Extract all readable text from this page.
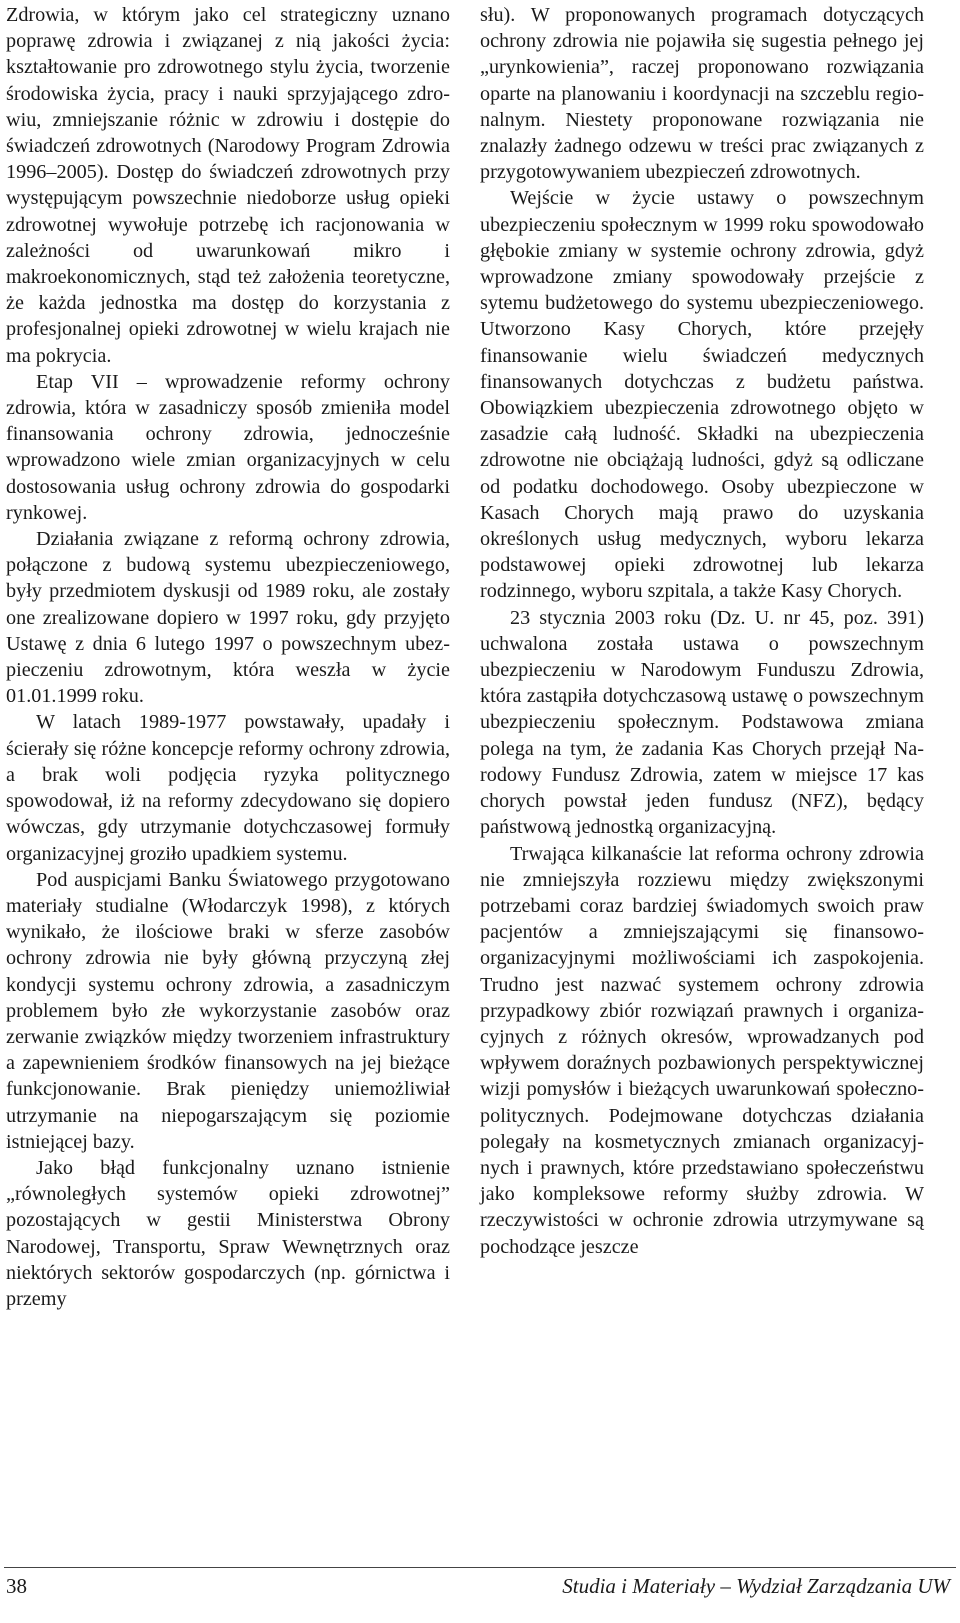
Zdrowia, w którym jako cel strategiczny uznano poprawę zdrowia i związanej z nią jakości życia: kształtowanie pro zdrowotnego stylu życia, tworzenie środowiska życia, pracy i nauki sprzyjającego zdrowiu, zmniejszanie różnic w zdrowiu i dostępie do świadczeń zdrowotnych (Narodowy Program Zdrowia 1996–2005). Dostęp do świadczeń zdrowotnych przy występującym powszechnie niedoborze usług opieki zdrowotnej wywołuje potrzebę ich racjonowania w zależności od uwarunkowań mikro i makroekonomicznych, stąd też założenia teoretyczne, że każda jednostka ma dostęp do korzystania z profesjonalnej opieki zdrowotnej w wielu krajach nie ma pokrycia.

Etap VII – wprowadzenie reformy ochrony zdrowia, która w zasadniczy sposób zmieniła model finansowania ochrony zdrowia, jednocześnie wprowadzono wiele zmian organizacyjnych w celu dostosowania usług ochrony zdrowia do gospodarki rynkowej.

Działania związane z reformą ochrony zdrowia, połączone z budową systemu ubezpieczeniowego, były przedmiotem dyskusji od 1989 roku, ale zostały one zrealizowane dopiero w 1997 roku, gdy przyjęto Ustawę z dnia 6 lutego 1997 o powszechnym ubezpieczeniu zdrowotnym, która weszła w życie 01.01.1999 roku.

W latach 1989-1977 powstawały, upadały i ścierały się różne koncepcje reformy ochrony zdrowia, a brak woli podjęcia ryzyka politycznego spowodował, iż na reformy zdecydowano się dopiero wówczas, gdy utrzymanie dotychczasowej formuły organizacyjnej groziło upadkiem systemu.

Pod auspicjami Banku Światowego przygotowano materiały studialne (Włodarczyk 1998), z których wynikało, że ilościowe braki w sferze zasobów ochrony zdrowia nie były główną przyczyną złej kondycji systemu ochrony zdrowia, a zasadniczym problemem było złe wykorzystanie zasobów oraz zerwanie związków między tworzeniem infrastruktury a zapewnieniem środków finansowych na jej bieżące funkcjonowanie. Brak pieniędzy uniemożliwiał utrzymanie na niepogarszającym się poziomie istniejącej bazy.

Jako błąd funkcjonalny uznano istnienie „równoległych systemów opieki zdrowotnej” pozostających w gestii Ministerstwa Obrony Narodowej, Transportu, Spraw Wewnętrznych oraz niektórych sektorów gospodarczych (np. górnictwa i przemy

słu). W proponowanych programach dotyczących ochrony zdrowia nie pojawiła się sugestia pełnego jej „urynkowienia”, raczej proponowano rozwiązania oparte na planowaniu i koordynacji na szczeblu regionalnym. Niestety proponowane rozwiązania nie znalazły żadnego odzewu w treści prac związanych z przygotowywaniem ubezpieczeń zdrowotnych.

Wejście w życie ustawy o powszechnym ubezpieczeniu społecznym w 1999 roku spowodowało głębokie zmiany w systemie ochrony zdrowia, gdyż wprowadzone zmiany spowodowały przejście z sytemu budżetowego do systemu ubezpieczeniowego. Utworzono Kasy Chorych, które przejęły finansowanie wielu świadczeń medycznych finansowanych dotychczas z budżetu państwa. Obowiązkiem ubezpieczenia zdrowotnego objęto w zasadzie całą ludność. Składki na ubezpieczenia zdrowotne nie obciążają ludności, gdyż są odliczane od podatku dochodowego. Osoby ubezpieczone w Kasach Chorych mają prawo do uzyskania określonych usług medycznych, wyboru lekarza podstawowej opieki zdrowotnej lub lekarza rodzinnego, wyboru szpitala, a także Kasy Chorych.

23 stycznia 2003 roku (Dz. U. nr 45, poz. 391) uchwalona została ustawa o powszechnym ubezpieczeniu w Narodowym Funduszu Zdrowia, która zastąpiła dotychczasową ustawę o powszechnym ubezpieczeniu społecznym. Podstawowa zmiana polega na tym, że zadania Kas Chorych przejął Narodowy Fundusz Zdrowia, zatem w miejsce 17 kas chorych powstał jeden fundusz (NFZ), będący państwową jednostką organizacyjną.

Trwająca kilkanaście lat reforma ochrony zdrowia nie zmniejszyła rozziewu między zwiększonymi potrzebami coraz bardziej świadomych swoich praw pacjentów a zmniejszającymi się finansowo-organizacyjnymi możliwościami ich zaspokojenia. Trudno jest nazwać systemem ochrony zdrowia przypadkowy zbiór rozwiązań prawnych i organizacyjnych z różnych okresów, wprowadzanych pod wpływem doraźnych pozbawionych perspektywicznej wizji pomysłów i bieżących uwarunkowań społeczno-politycznych. Podejmowane dotychczas działania polegały na kosmetycznych zmianach organizacyjnych i prawnych, które przedstawiano społeczeństwu jako kompleksowe reformy służby zdrowia. W rzeczywistości w ochronie zdrowia utrzymywane są pochodzące jeszcze

38	Studia i Materiały – Wydział Zarządzania UW
